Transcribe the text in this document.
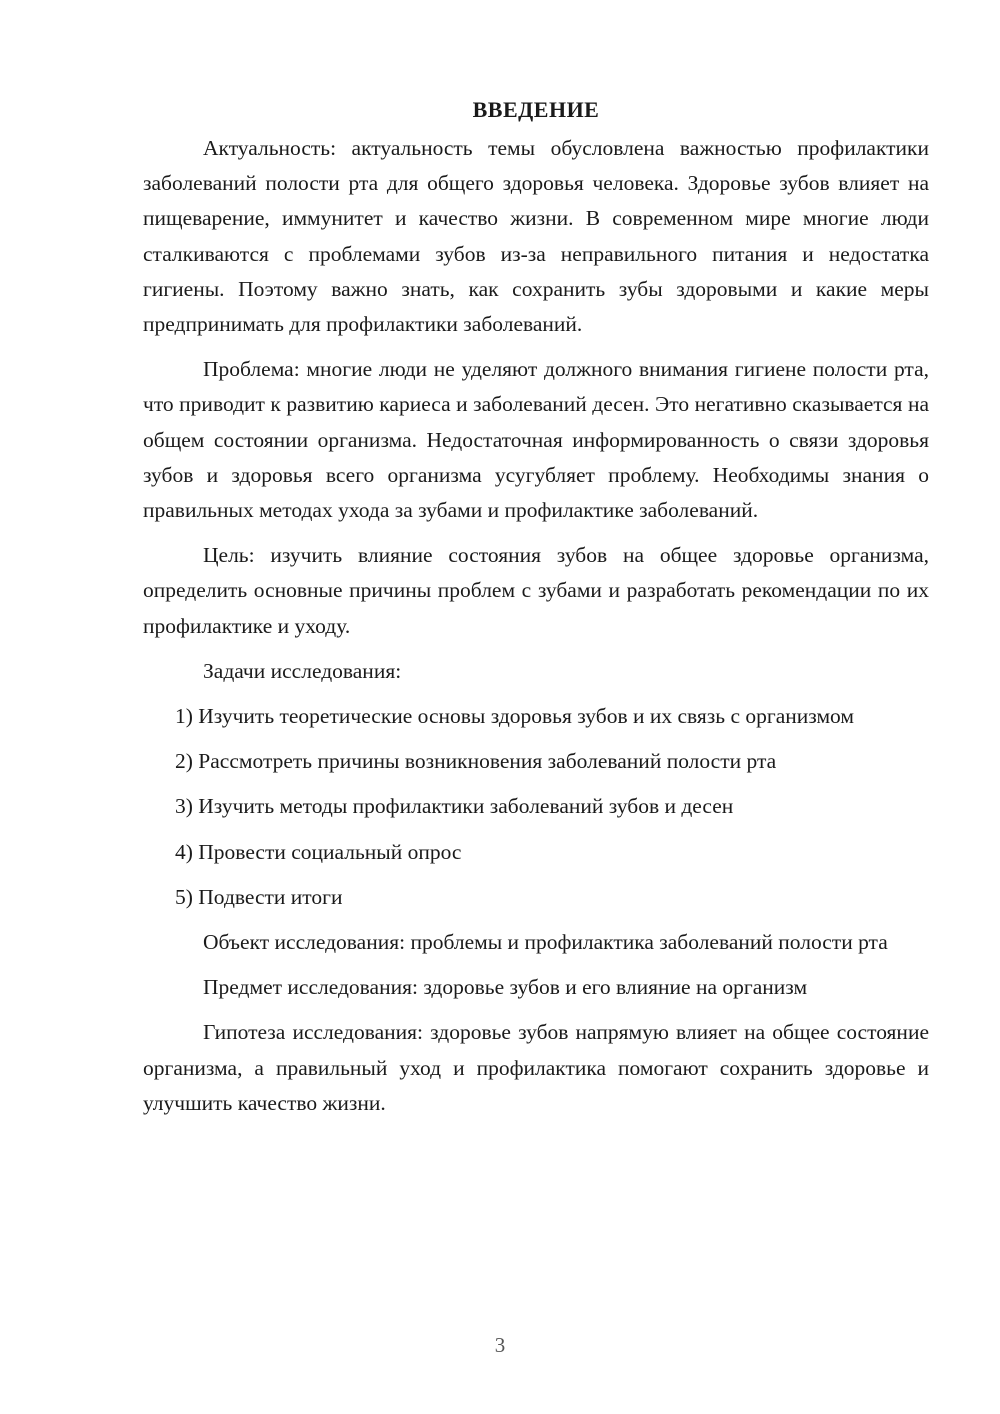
ВВЕДЕНИЕ

Актуальность: актуальность темы обусловлена важностью профилактики заболеваний полости рта для общего здоровья человека. Здоровье зубов влияет на пищеварение, иммунитет и качество жизни. В современном мире многие люди сталкиваются с проблемами зубов из-за неправильного питания и недостатка гигиены. Поэтому важно знать, как сохранить зубы здоровыми и какие меры предпринимать для профилактики заболеваний.

Проблема: многие люди не уделяют должного внимания гигиене полости рта, что приводит к развитию кариеса и заболеваний десен. Это негативно сказывается на общем состоянии организма. Недостаточная информированность о связи здоровья зубов и здоровья всего организма усугубляет проблему. Необходимы знания о правильных методах ухода за зубами и профилактике заболеваний.

Цель: изучить влияние состояния зубов на общее здоровье организма, определить основные причины проблем с зубами и разработать рекомендации по их профилактике и уходу.

Задачи исследования:

1) Изучить теоретические основы здоровья зубов и их связь с организмом

2) Рассмотреть причины возникновения заболеваний полости рта

3) Изучить методы профилактики заболеваний зубов и десен

4) Провести социальный опрос

5) Подвести итоги

Объект исследования: проблемы и профилактика заболеваний полости рта

Предмет исследования: здоровье зубов и его влияние на организм

Гипотеза исследования: здоровье зубов напрямую влияет на общее состояние организма, а правильный уход и профилактика помогают сохранить здоровье и улучшить качество жизни.

3
